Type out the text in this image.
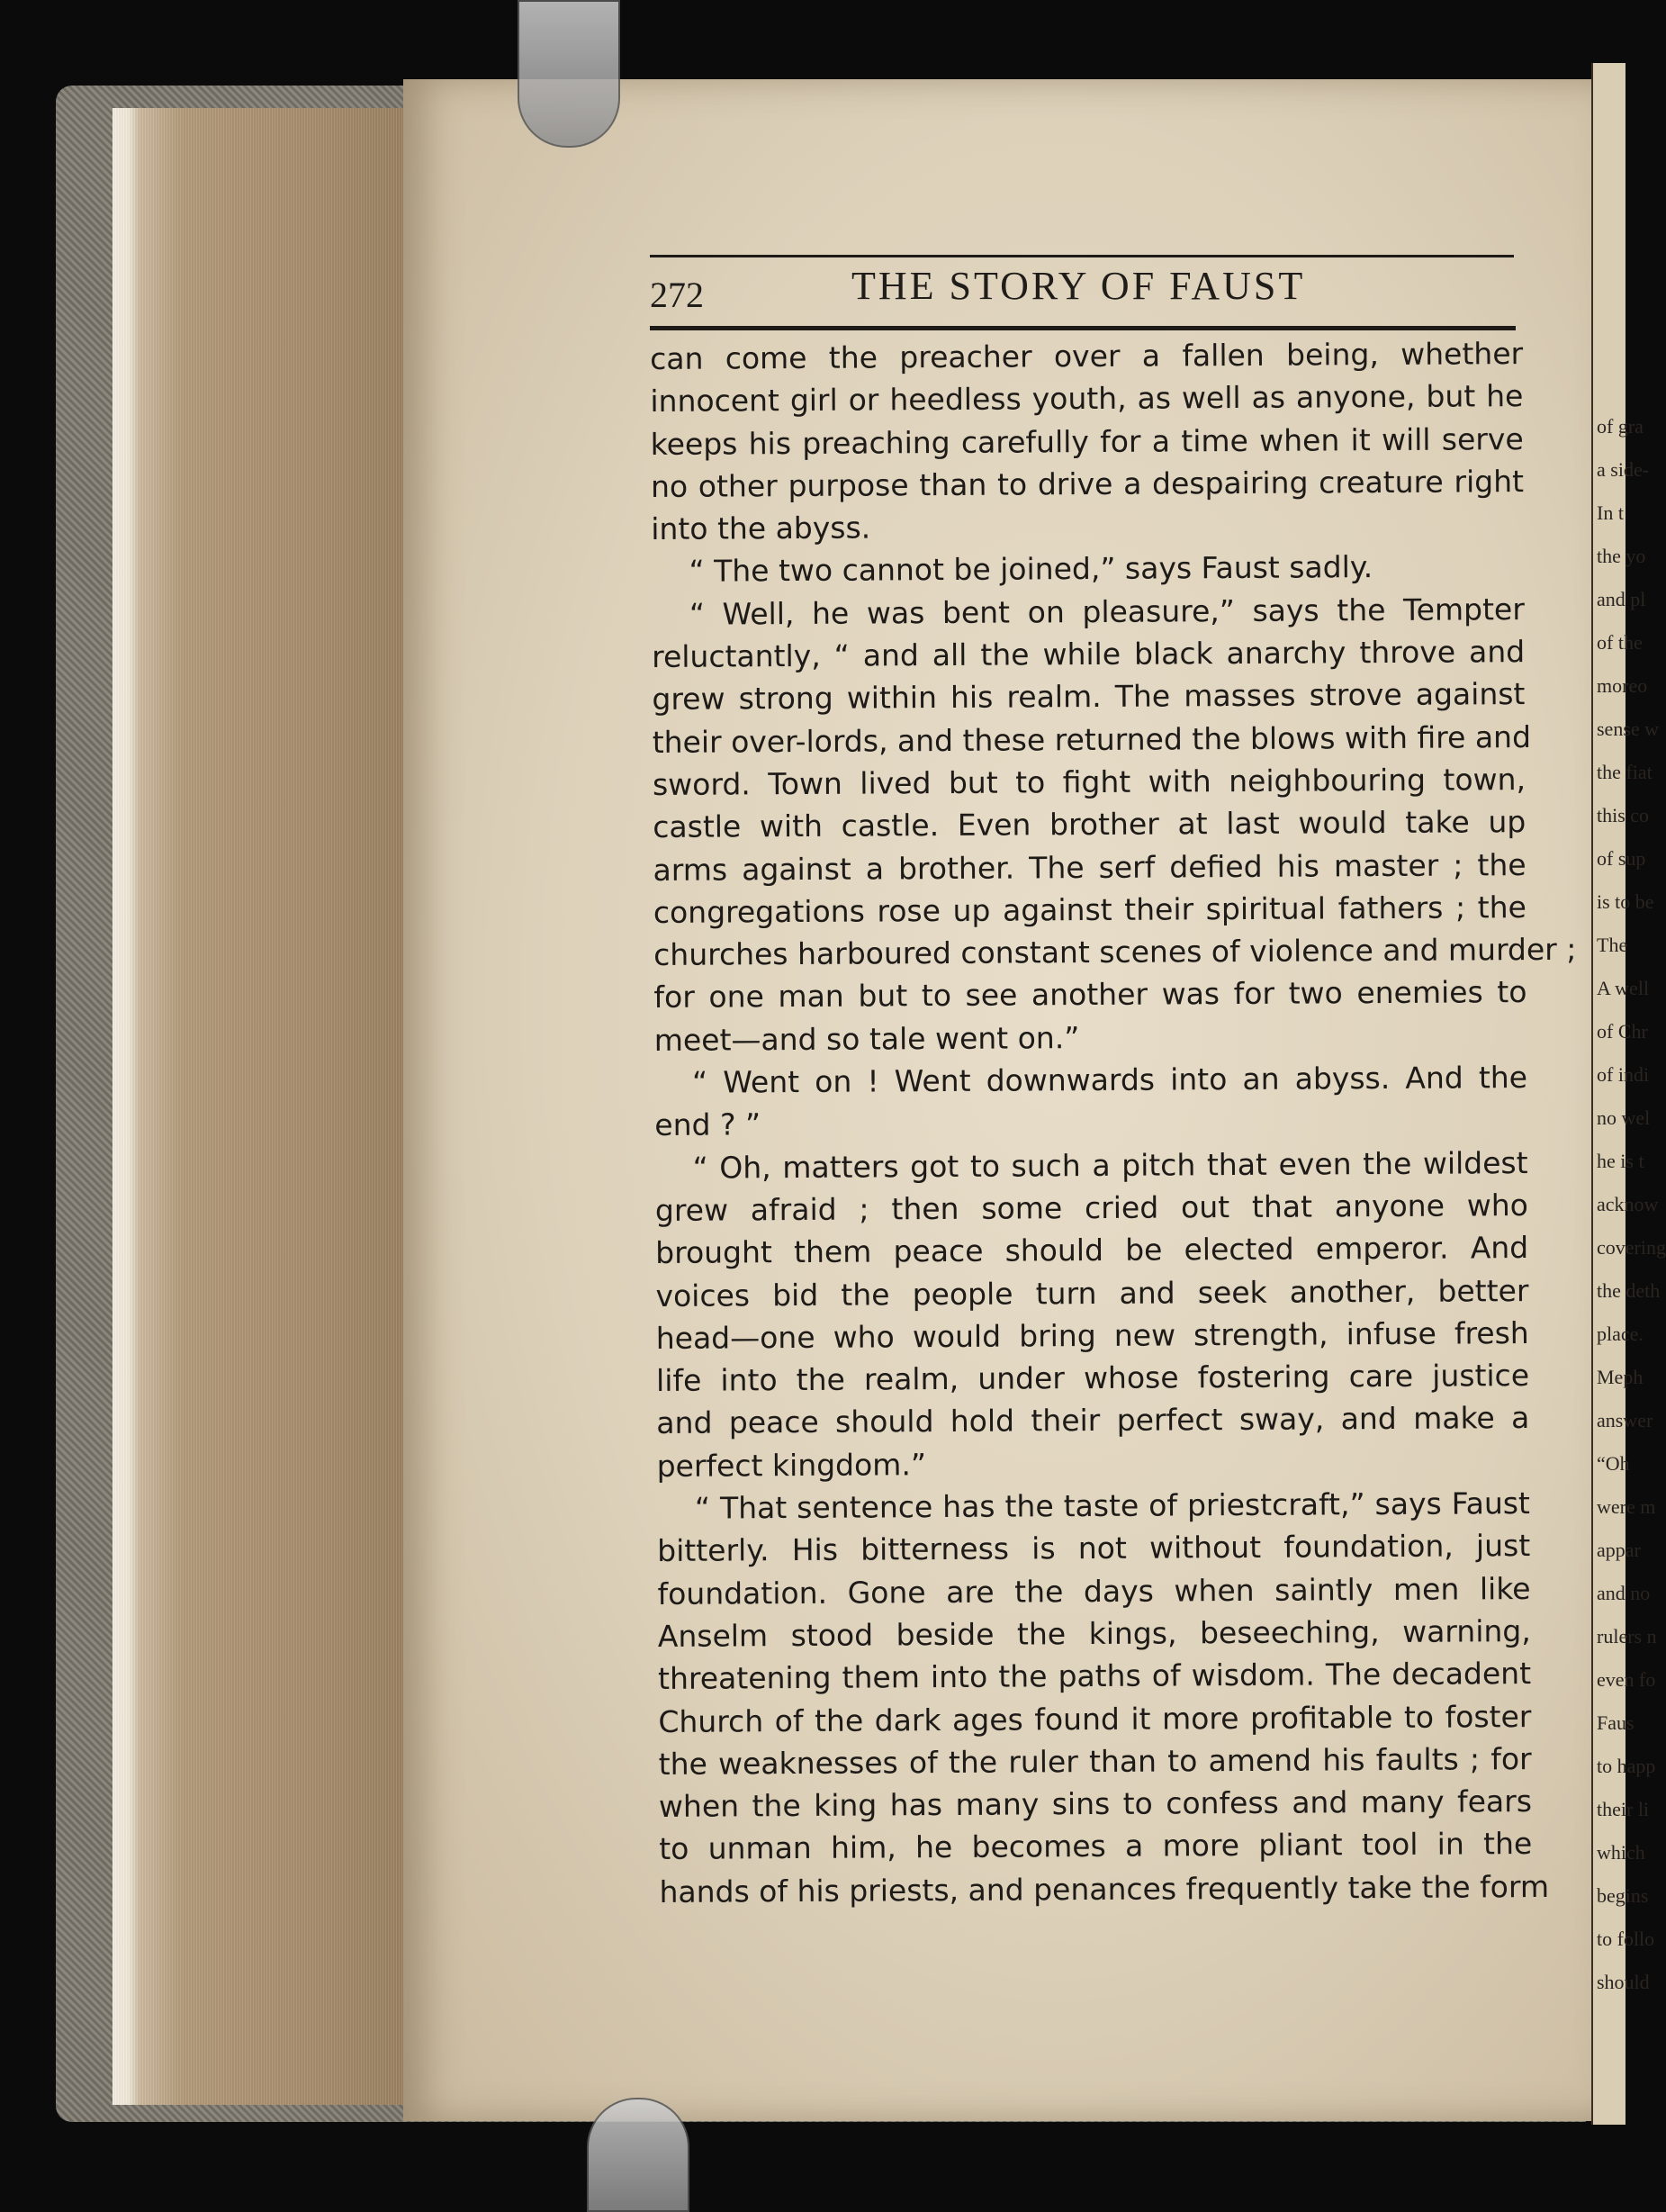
of gra
a side-
In t
the yo
and pl
of the
moreo
sense w
the fiat
this co
of sup
is to be
The
A well
of Chr
of indi
no wel
he is t
acknow
covering
the deth
place.
Meph
answer
“Oh
were m
appar
and no
rulers n
even fo
Faus
to happ
their li
which
begins
to follo
should
272	THE STORY OF FAUST
can come the preacher over a fallen being, whether
innocent girl or heedless youth, as well as anyone, but he
keeps his preaching carefully for a time when it will serve
no other purpose than to drive a despairing creature right
into the abyss.
“ The two cannot be joined,” says Faust sadly.
“ Well, he was bent on pleasure,” says the Tempter
reluctantly, “ and all the while black anarchy throve and
grew strong within his realm. The masses strove against
their over-lords, and these returned the blows with fire and
sword. Town lived but to fight with neighbouring town,
castle with castle. Even brother at last would take up
arms against a brother. The serf defied his master ; the
congregations rose up against their spiritual fathers ; the
churches harboured constant scenes of violence and murder ;
for one man but to see another was for two enemies to
meet—and so tale went on.”
“ Went on ! Went downwards into an abyss. And the
end ? ”
“ Oh, matters got to such a pitch that even the wildest
grew afraid ; then some cried out that anyone who
brought them peace should be elected emperor. And
voices bid the people turn and seek another, better
head—one who would bring new strength, infuse fresh
life into the realm, under whose fostering care justice
and peace should hold their perfect sway, and make a
perfect kingdom.”
“ That sentence has the taste of priestcraft,” says Faust
bitterly. His bitterness is not without foundation, just
foundation. Gone are the days when saintly men like
Anselm stood beside the kings, beseeching, warning,
threatening them into the paths of wisdom. The decadent
Church of the dark ages found it more profitable to foster
the weaknesses of the ruler than to amend his faults ; for
when the king has many sins to confess and many fears
to unman him, he becomes a more pliant tool in the
hands of his priests, and penances frequently take the form
